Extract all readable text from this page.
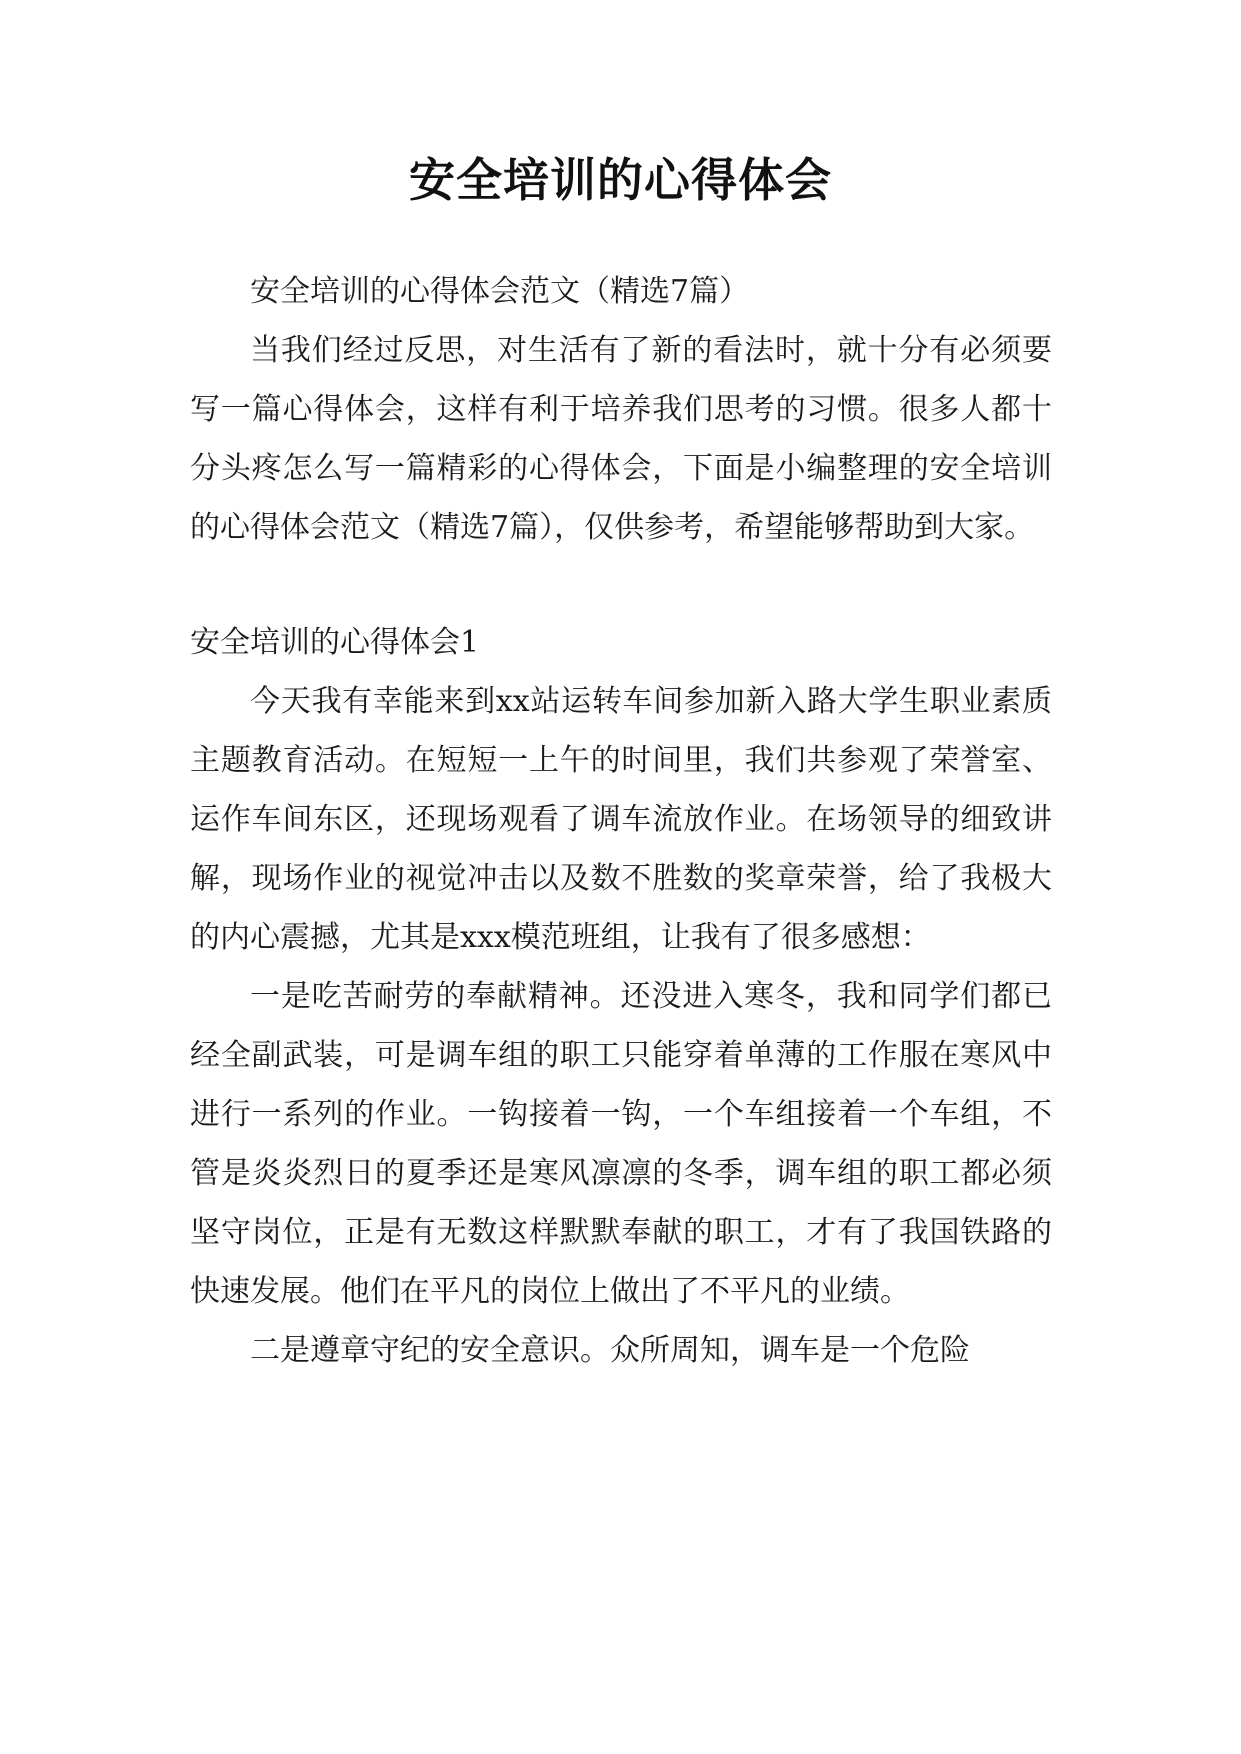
安全培训的心得体会

安全培训的心得体会范文（精选7篇）

当我们经过反思，对生活有了新的看法时，就十分有必须要写一篇心得体会，这样有利于培养我们思考的习惯。很多人都十分头疼怎么写一篇精彩的心得体会，下面是小编整理的安全培训的心得体会范文（精选7篇），仅供参考，希望能够帮助到大家。

安全培训的心得体会1

今天我有幸能来到xx站运转车间参加新入路大学生职业素质主题教育活动。在短短一上午的时间里，我们共参观了荣誉室、运作车间东区，还现场观看了调车流放作业。在场领导的细致讲解，现场作业的视觉冲击以及数不胜数的奖章荣誉，给了我极大的内心震撼，尤其是xxx模范班组，让我有了很多感想：

一是吃苦耐劳的奉献精神。还没进入寒冬，我和同学们都已经全副武装，可是调车组的职工只能穿着单薄的工作服在寒风中进行一系列的作业。一钩接着一钩，一个车组接着一个车组，不管是炎炎烈日的夏季还是寒风凛凛的冬季，调车组的职工都必须坚守岗位，正是有无数这样默默奉献的职工，才有了我国铁路的快速发展。他们在平凡的岗位上做出了不平凡的业绩。

二是遵章守纪的安全意识。众所周知，调车是一个危险
